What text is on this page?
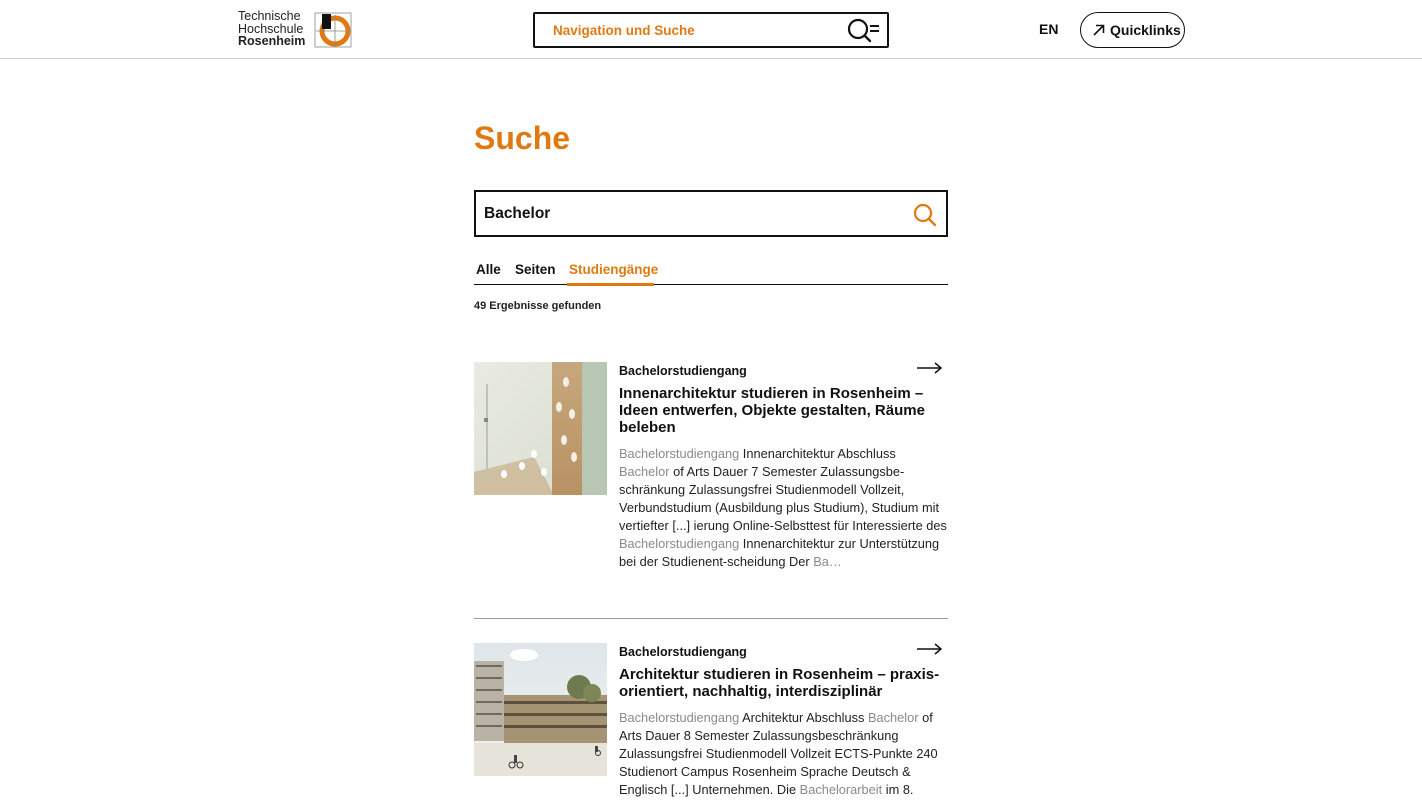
Technische
Hochschule
Rosenheim
Navigation und Suche	EN	Quicklinks
Suche
Bachelor
Alle Seiten Studiengänge
49 Ergebnisse gefunden
Bachelorstudiengang
Innenarchitektur studieren in Rosenheim – Ideen entwerfen, Objekte gestalten, Räume beleben
Bachelorstudiengang Innenarchitektur Abschluss Bachelor of Arts Dauer 7 Semester Zulassungsbe-schränkung Zulassungsfrei Studienmodell Vollzeit, Verbundstudium (Ausbildung plus Studium), Studium mit vertiefter [...] ierung Online-Selbsttest für Interessierte des Bachelorstudiengang Innenarchitektur zur Unterstützung bei der Studienent-scheidung Der Ba…
Bachelorstudiengang
Architektur studieren in Rosenheim – praxis-orientiert, nachhaltig, interdisziplinär
Bachelorstudiengang Architektur Abschluss Bachelor of Arts Dauer 8 Semester Zulassungsbeschränkung Zulassungsfrei Studienmodell Vollzeit ECTS-Punkte 240 Studienort Campus Rosenheim Sprache Deutsch & Englisch [...] Unternehmen. Die Bachelorarbeit im 8.
